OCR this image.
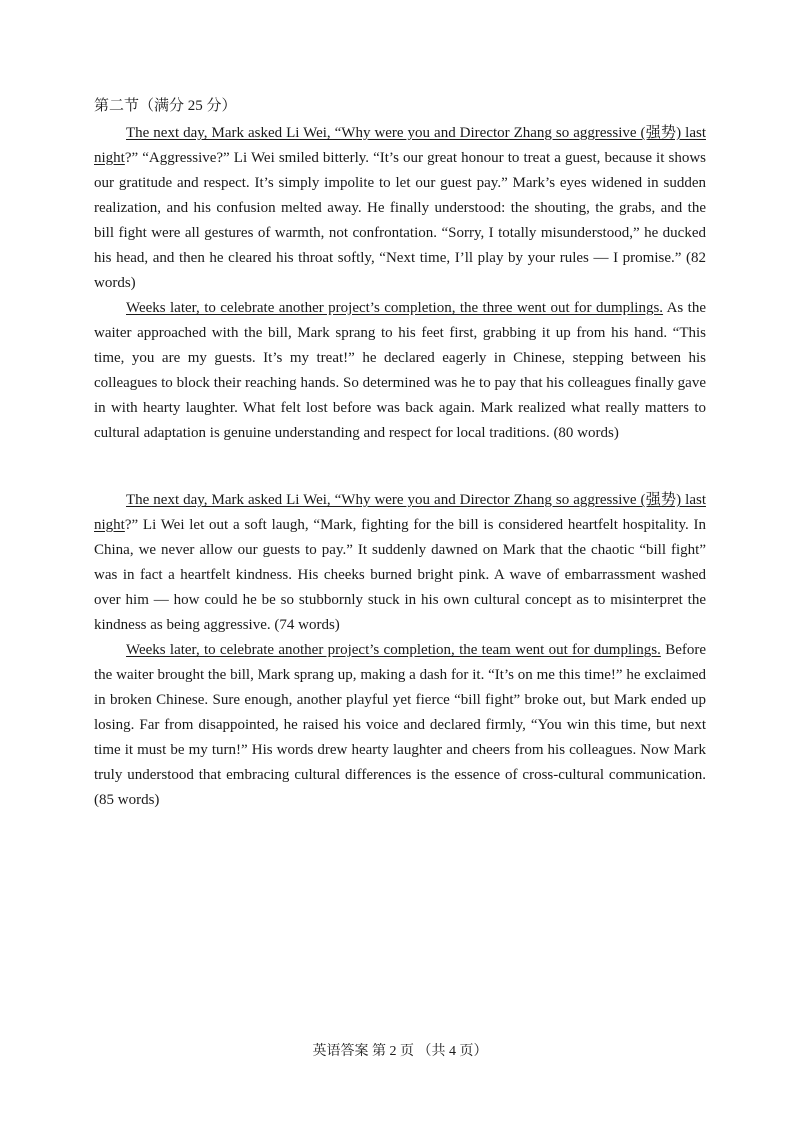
第二节（满分 25 分）

The next day, Mark asked Li Wei, “Why were you and Director Zhang so aggressive (强势) last night?” “Aggressive?” Li Wei smiled bitterly. “It’s our great honour to treat a guest, because it shows our gratitude and respect. It’s simply impolite to let our guest pay.” Mark’s eyes widened in sudden realization, and his confusion melted away. He finally understood: the shouting, the grabs, and the bill fight were all gestures of warmth, not confrontation. “Sorry, I totally misunderstood,” he ducked his head, and then he cleared his throat softly, “Next time, I’ll play by your rules — I promise.” (82 words)

Weeks later, to celebrate another project’s completion, the three went out for dumplings. As the waiter approached with the bill, Mark sprang to his feet first, grabbing it up from his hand. “This time, you are my guests. It’s my treat!” he declared eagerly in Chinese, stepping between his colleagues to block their reaching hands. So determined was he to pay that his colleagues finally gave in with hearty laughter. What felt lost before was back again. Mark realized what really matters to cultural adaptation is genuine understanding and respect for local traditions. (80 words)

The next day, Mark asked Li Wei, “Why were you and Director Zhang so aggressive (强势) last night?” Li Wei let out a soft laugh, “Mark, fighting for the bill is considered heartfelt hospitality. In China, we never allow our guests to pay.” It suddenly dawned on Mark that the chaotic “bill fight” was in fact a heartfelt kindness. His cheeks burned bright pink. A wave of embarrassment washed over him — how could he be so stubbornly stuck in his own cultural concept as to misinterpret the kindness as being aggressive. (74 words)

Weeks later, to celebrate another project’s completion, the team went out for dumplings. Before the waiter brought the bill, Mark sprang up, making a dash for it. “It’s on me this time!” he exclaimed in broken Chinese. Sure enough, another playful yet fierce “bill fight” broke out, but Mark ended up losing. Far from disappointed, he raised his voice and declared firmly, “You win this time, but next time it must be my turn!” His words drew hearty laughter and cheers from his colleagues. Now Mark truly understood that embracing cultural differences is the essence of cross-cultural communication. (85 words)

英语答案 第 2 页 （共 4 页）
